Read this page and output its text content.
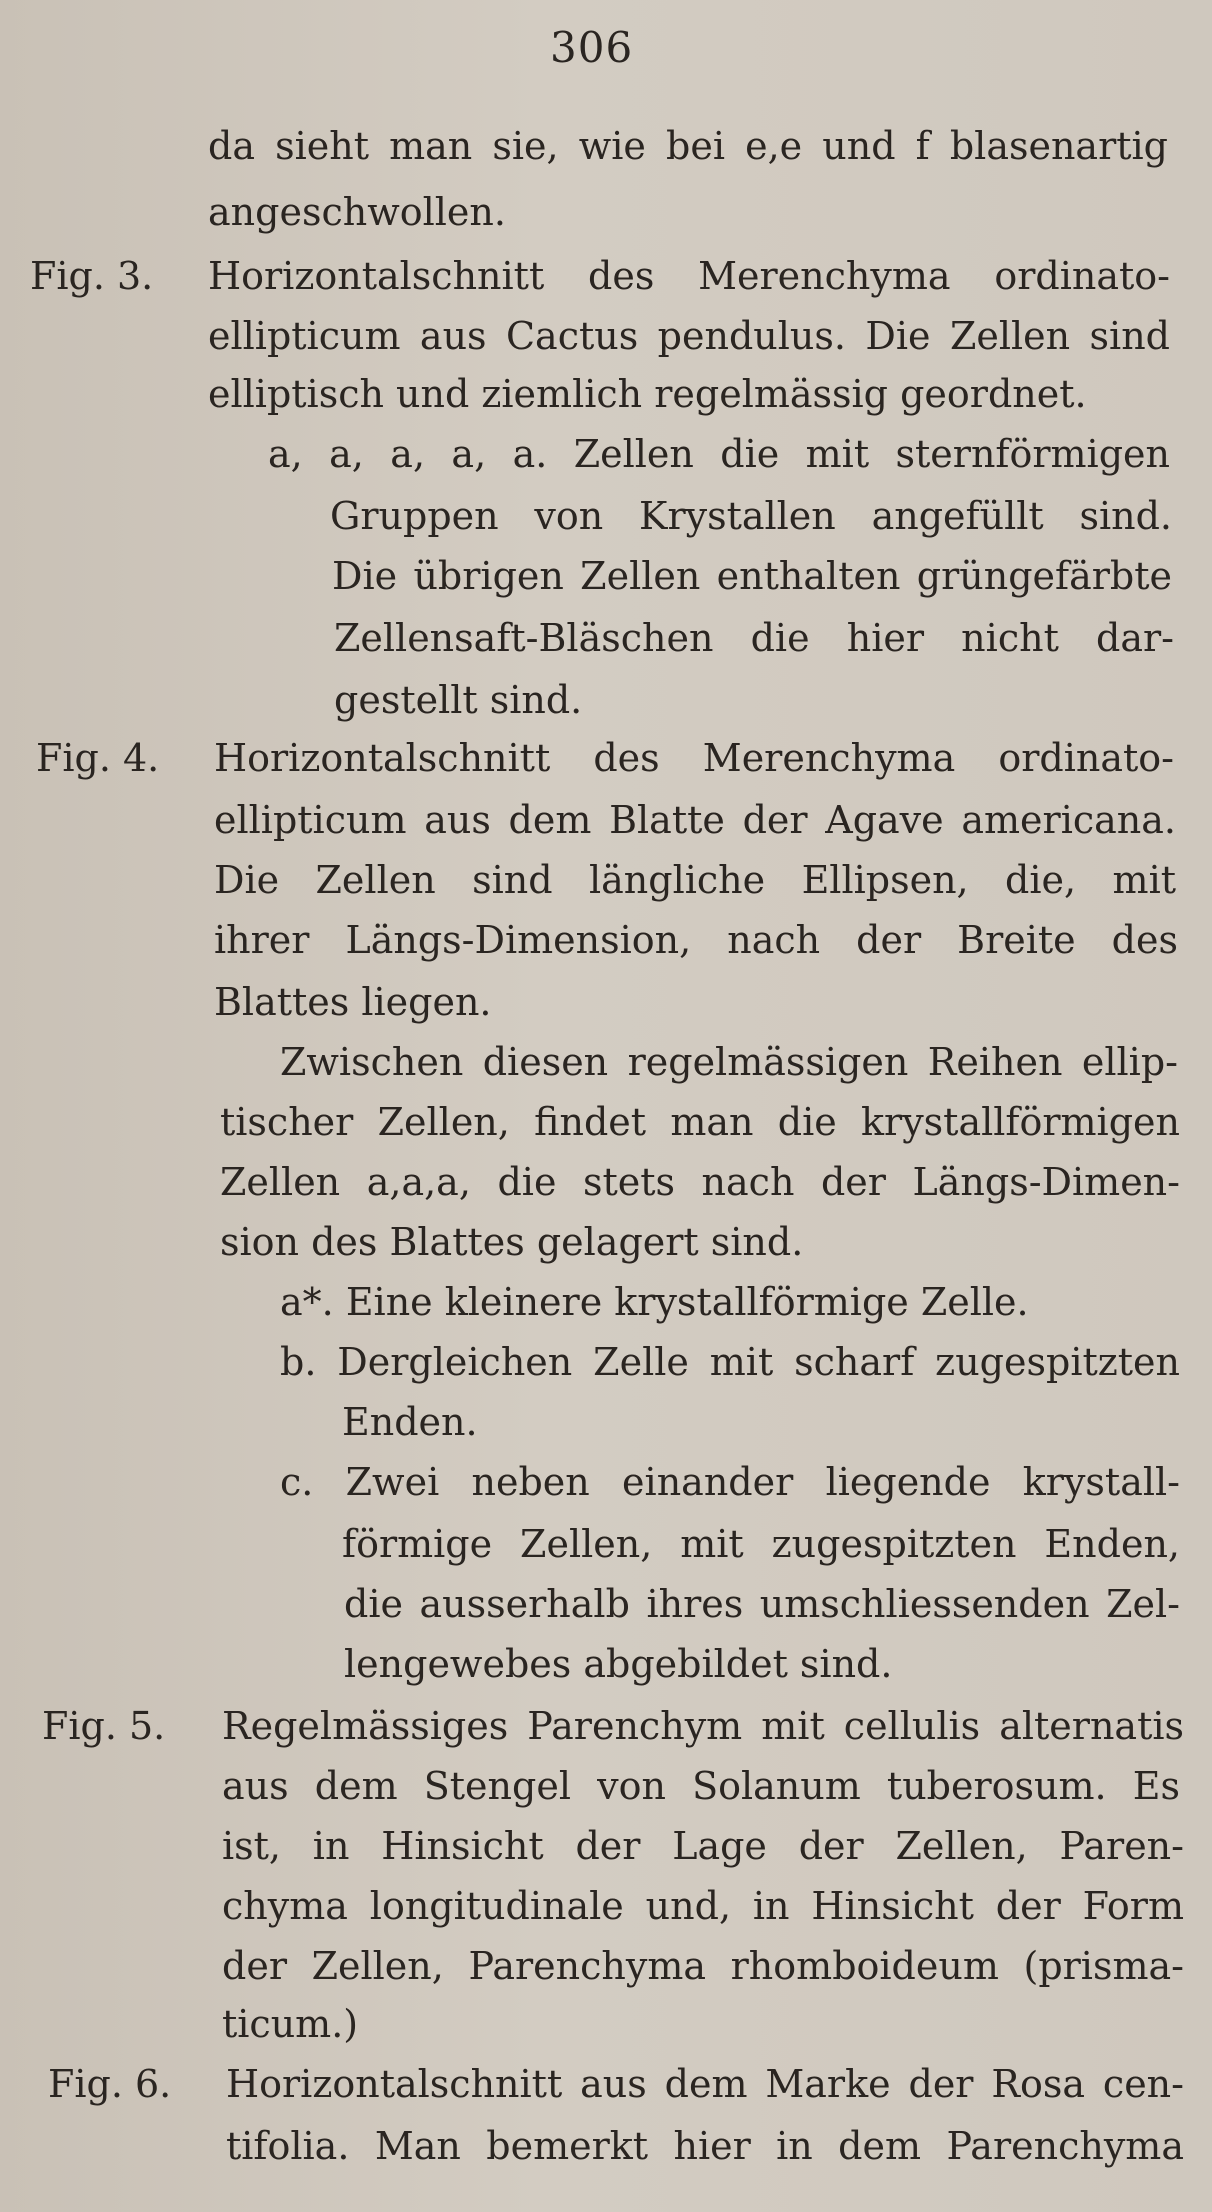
306
Fig. 3.
Fig. 4.
Fig. 5.
Fig. 6.
da sieht man sie, wie bei e,e und f blasenartig
angeschwollen.
Horizontalschnitt des Merenchyma ordinato-
ellipticum aus Cactus pendulus. Die Zellen sind
elliptisch und ziemlich regelmässig geordnet.
a, a, a, a, a. Zellen die mit sternförmigen
Gruppen von Krystallen angefüllt sind.
Die übrigen Zellen enthalten grüngefärbte
Zellensaft-Bläschen die hier nicht dar-
gestellt sind.
Horizontalschnitt des Merenchyma ordinato-
ellipticum aus dem Blatte der Agave americana.
Die Zellen sind längliche Ellipsen, die, mit
ihrer Längs-Dimension, nach der Breite des
Blattes liegen.
Zwischen diesen regelmässigen Reihen ellip-
tischer Zellen, findet man die krystallförmigen
Zellen a,a,a, die stets nach der Längs-Dimen-
sion des Blattes gelagert sind.
a*. Eine kleinere krystallförmige Zelle.
b. Dergleichen Zelle mit scharf zugespitzten
Enden.
c. Zwei neben einander liegende krystall-
förmige Zellen, mit zugespitzten Enden,
die ausserhalb ihres umschliessenden Zel-
lengewebes abgebildet sind.
Regelmässiges Parenchym mit cellulis alternatis
aus dem Stengel von Solanum tuberosum. Es
ist, in Hinsicht der Lage der Zellen, Paren-
chyma longitudinale und, in Hinsicht der Form
der Zellen, Parenchyma rhomboideum (prisma-
ticum.)
Horizontalschnitt aus dem Marke der Rosa cen-
tifolia. Man bemerkt hier in dem Parenchyma
